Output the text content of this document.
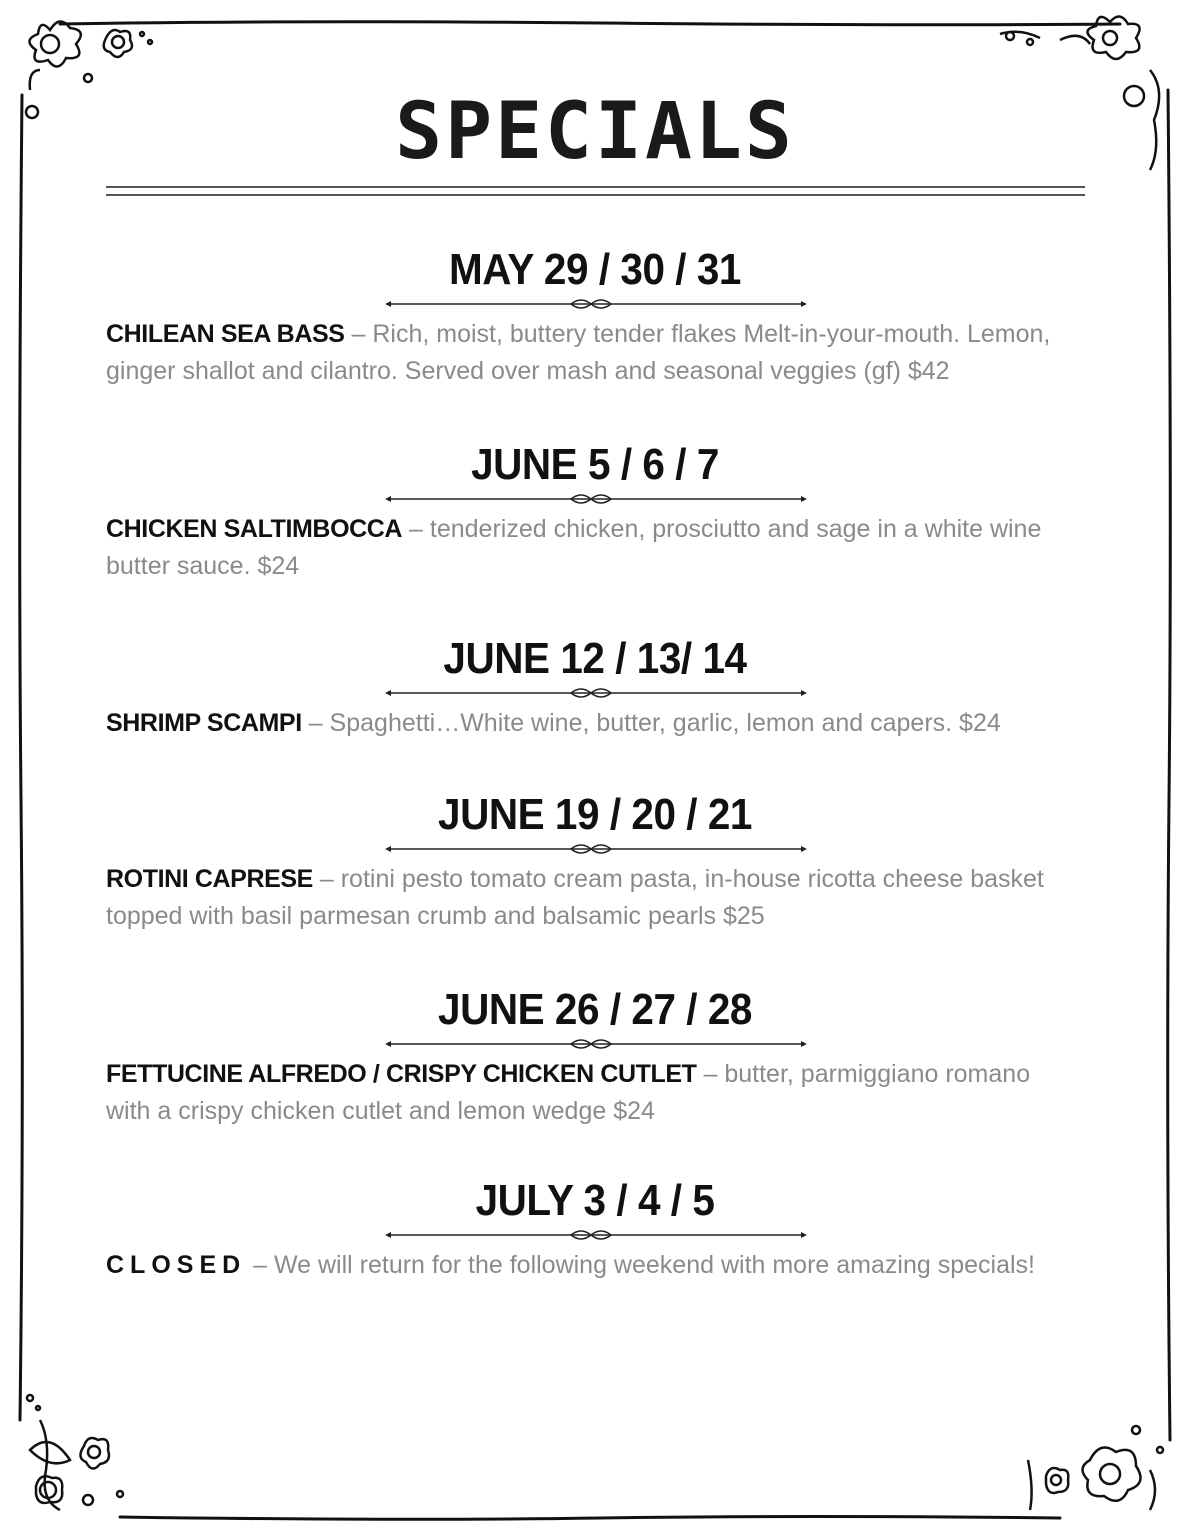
SPECIALS
MAY 29 / 30 / 31
CHILEAN SEA BASS – Rich, moist, buttery tender flakes Melt-in-your-mouth. Lemon, ginger shallot and cilantro. Served over mash and seasonal veggies (gf) $42
JUNE 5 / 6 / 7
CHICKEN SALTIMBOCCA – tenderized chicken, prosciutto and sage in a white wine butter sauce. $24
JUNE 12 / 13/ 14
SHRIMP SCAMPI – Spaghetti…White wine, butter, garlic, lemon and capers. $24
JUNE 19 / 20 / 21
ROTINI CAPRESE – rotini pesto tomato cream pasta, in-house ricotta cheese basket topped with basil parmesan crumb and balsamic pearls $25
JUNE 26 / 27 / 28
FETTUCINE ALFREDO / CRISPY CHICKEN CUTLET – butter, parmiggiano romano with a crispy chicken cutlet and lemon wedge $24
JULY 3 / 4 / 5
CLOSED – We will return for the following weekend with more amazing specials!
